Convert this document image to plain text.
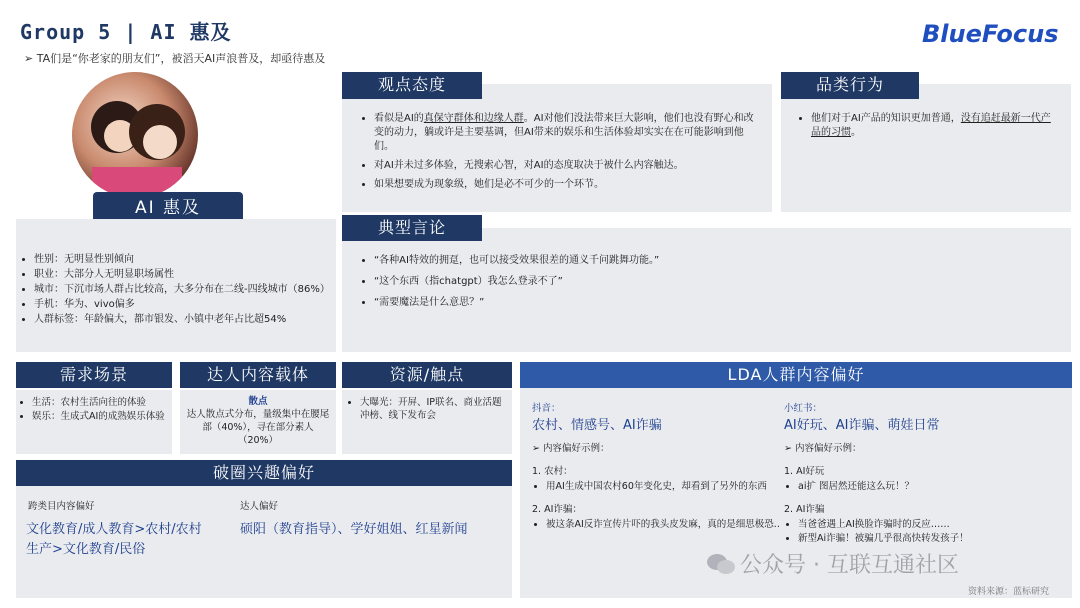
Group 5 | AI 惠及	BlueFocus
➢ TA们是“你老家的朋友们”，被滔天AI声浪普及，却亟待惠及
AI 惠及
• 性别：无明显性别倾向
• 职业：大部分人无明显职场属性
• 城市：下沉市场人群占比较高，大多分布在二线-四线城市（86%）
• 手机：华为、vivo偏多
• 人群标签：年龄偏大，都市银发、小镇中老年占比超54%
• 看似是AI的真保守群体和边缘人群。AI对他们没法带来巨大影响，他们也没有野心和改变的动力，躺或许是主要基调，但AI带来的娱乐和生活体验却实实在在可能影响到他们。
• 对AI并未过多体验，无搜索心智，对AI的态度取决于被什么内容触达。
• 如果想要成为现象级，她们是必不可少的一个环节。
观点态度
• 他们对于AI产品的知识更加普通，没有追赶最新一代产品的习惯。
品类行为
• “各种AI特效的拥趸，也可以接受效果很差的通义千问跳舞功能。”
• “这个东西（指chatgpt）我怎么登录不了”
• “需要魔法是什么意思？”
典型言论
需求场景
• 生活：农村生活向往的体验
• 娱乐：生成式AI的成熟娱乐体验
达人内容载体
散点
达人散点式分布，量级集中在腰尾部（40%），寻在部分素人（20%）
资源/触点
• 大曝光：开屏、IP联名、商业活题冲榜、线下发布会
LDA人群内容偏好
抖音：
农村、情感号、AI诈骗
➢ 内容偏好示例：
1. 农村：
• 用AI生成中国农村60年变化史，却看到了另外的东西
2. AI诈骗：
• 被这条AI反诈宣传片吓的我头皮发麻，真的是细思极恐..
小红书：
AI好玩、AI诈骗、萌娃日常
➢ 内容偏好示例：
1. AI好玩
• ai扩 图居然还能这么玩！？
2. AI诈骗
• 当爸爸遇上AI换脸诈骗时的反应……
• 新型Ai诈骗！被骗几乎很高快转发孩子！
破圈兴趣偏好
跨类目内容偏好
文化教育/成人教育>农村/农村生产>文化教育/民俗
达人偏好
硕阳（教育指导）、学好姐姐、红星新闻
公众号 · 互联互通社区
资料来源：蓝标研究
